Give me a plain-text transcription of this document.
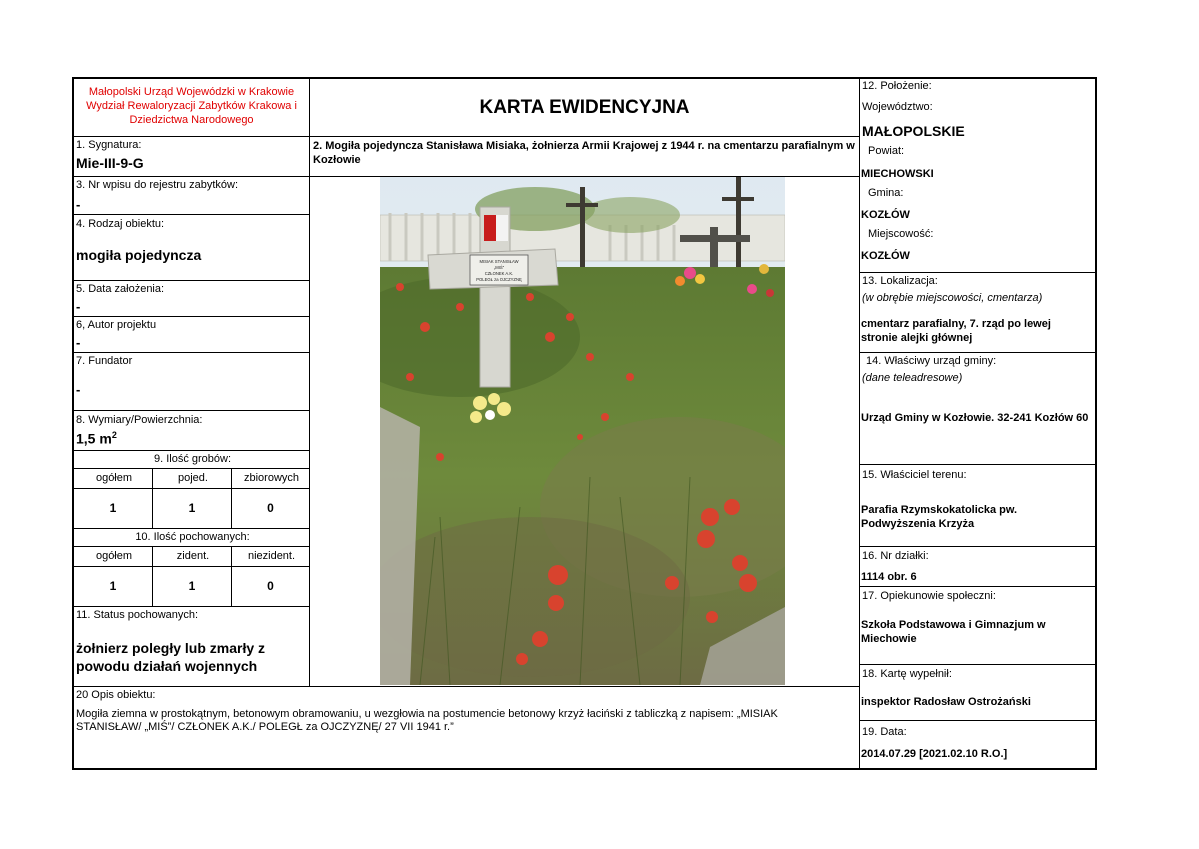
Małopolski Urząd Wojewódzki w Krakowie Wydział Rewaloryzacji Zabytków Krakowa i Dziedzictwa Narodowego
1. Sygnatura:
Mie-III-9-G
3. Nr wpisu do rejestru zabytków:
-
4. Rodzaj obiektu:
mogiła pojedyncza
5. Data założenia:
-
6, Autor projektu
-
7. Fundator
-
8. Wymiary/Powierzchnia:
1,5 $m^2$
9. Ilość grobów:
ogółem	pojed.	zbiorowych
1	1	0
10. Ilość pochowanych:
ogółem	zident.	niezident.
1	1	0
11. Status pochowanych:
żołnierz poległy lub zmarły z powodu działań wojennych
KARTA EWIDENCYJNA
2. Mogiła pojedyncza Stanisława Misiaka, żołnierza Armii Krajowej z 1944 r. na cmentarzu parafialnym w Kozłowie
MISIAK STANISŁAW
„MIŚ”
CZŁONEK A.K.
POLEGŁ za OJCZYZNĘ
20 Opis obiektu:
Mogiła ziemna w prostokątnym, betonowym obramowaniu, u wezgłowia na postumencie betonowy krzyż łaciński z tabliczką z napisem: „MISIAK STANISŁAW/ „MIŚ”/ CZŁONEK A.K./ POLEGŁ za OJCZYZNĘ/ 27 VII 1941 r.”
12. Położenie:
Województwo:
MAŁOPOLSKIE
Powiat:
MIECHOWSKI
Gmina:
KOZŁÓW
Miejscowość:
KOZŁÓW
13. Lokalizacja:
(w obrębie miejscowości, cmentarza)
cmentarz parafialny, 7. rząd po lewej stronie alejki głównej
14. Właściwy urząd gminy:
(dane teleadresowe)
Urząd Gminy w Kozłowie. 32-241 Kozłów 60
15. Właściciel terenu:
Parafia Rzymskokatolicka pw. Podwyższenia Krzyża
16. Nr działki:
1114 obr. 6
17. Opiekunowie społeczni:
Szkoła Podstawowa i Gimnazjum w Miechowie
18. Kartę wypełnił:
inspektor Radosław Ostrożański
19. Data:
2014.07.29 [2021.02.10 R.O.]
